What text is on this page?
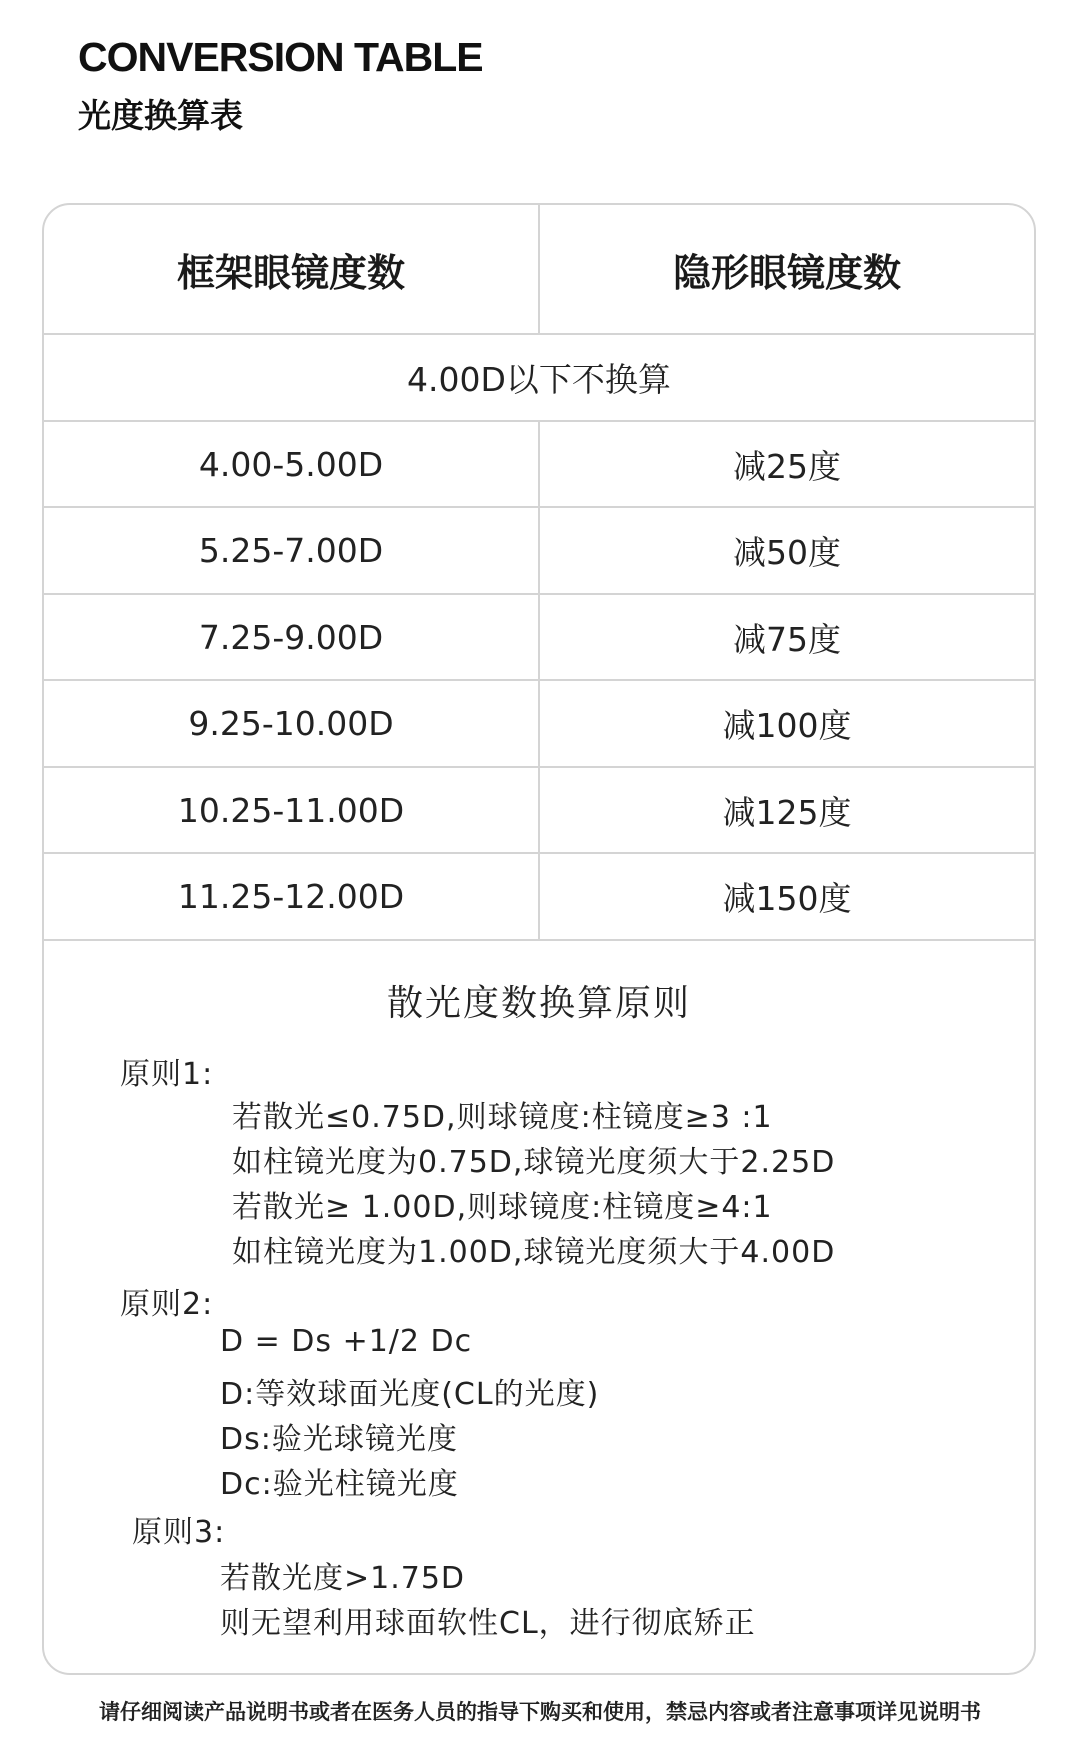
CONVERSION TABLE
光度换算表
框架眼镜度数	隐形眼镜度数
4.00D以下不换算
4.00-5.00D	减25度
5.25-7.00D	减50度
7.25-9.00D	减75度
9.25-10.00D	减100度
10.25-11.00D	减125度
11.25-12.00D	减150度
散光度数换算原则
原则1:
若散光≤0.75D,则球镜度:柱镜度≥3 :1
如柱镜光度为0.75D,球镜光度须大于2.25D
若散光≥ 1.00D,则球镜度:柱镜度≥4:1
如柱镜光度为1.00D,球镜光度须大于4.00D
原则2:
D = Ds +1/2 Dc
D:等效球面光度(CL的光度)
Ds:验光球镜光度
Dc:验光柱镜光度
原则3:
若散光度>1.75D
则无望利用球面软性CL，进行彻底矫正
请仔细阅读产品说明书或者在医务人员的指导下购买和使用，禁忌内容或者注意事项详见说明书
